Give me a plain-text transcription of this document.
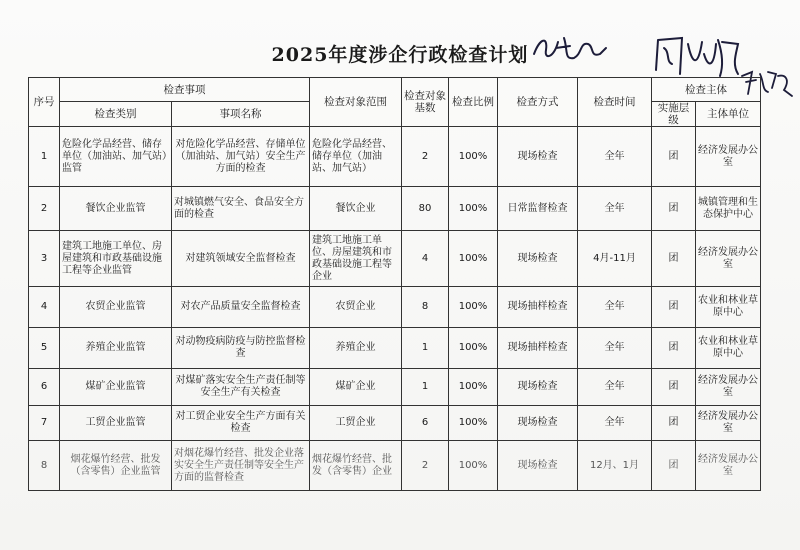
2025年度涉企行政检查计划
序号	检查事项		检查对象范围	检查对象基数	检查比例	检查方式	检查时间	检查主体	
	检查类别	事项名称						实施层级	主体单位
1	危险化学品经营、储存单位（加油站、加气站）监管	对危险化学品经营、存储单位（加油站、加气站）安全生产方面的检查	危险化学品经营、储存单位（加油站、加气站）	2	100%	现场检查	全年	团	经济发展办公室
2	餐饮企业监管	对城镇燃气安全、食品安全方面的检查	餐饮企业	80	100%	日常监督检查	全年	团	城镇管理和生态保护中心
3	建筑工地施工单位、房屋建筑和市政基础设施工程等企业监管	对建筑领域安全监督检查	建筑工地施工单位、房屋建筑和市政基础设施工程等企业	4	100%	现场检查	4月-11月	团	经济发展办公室
4	农贸企业监管	对农产品质量安全监督检查	农贸企业	8	100%	现场抽样检查	全年	团	农业和林业草原中心
5	养殖企业监管	对动物疫病防疫与防控监督检查	养殖企业	1	100%	现场抽样检查	全年	团	农业和林业草原中心
6	煤矿企业监管	对煤矿落实安全生产责任制等安全生产有关检查	煤矿企业	1	100%	现场检查	全年	团	经济发展办公室
7	工贸企业监管	对工贸企业安全生产方面有关检查	工贸企业	6	100%	现场检查	全年	团	经济发展办公室
8	烟花爆竹经营、批发（含零售）企业监管	对烟花爆竹经营、批发企业落实安全生产责任制等安全生产方面的监督检查	烟花爆竹经营、批发（含零售）企业	2	100%	现场检查	12月、1月	团	经济发展办公室
